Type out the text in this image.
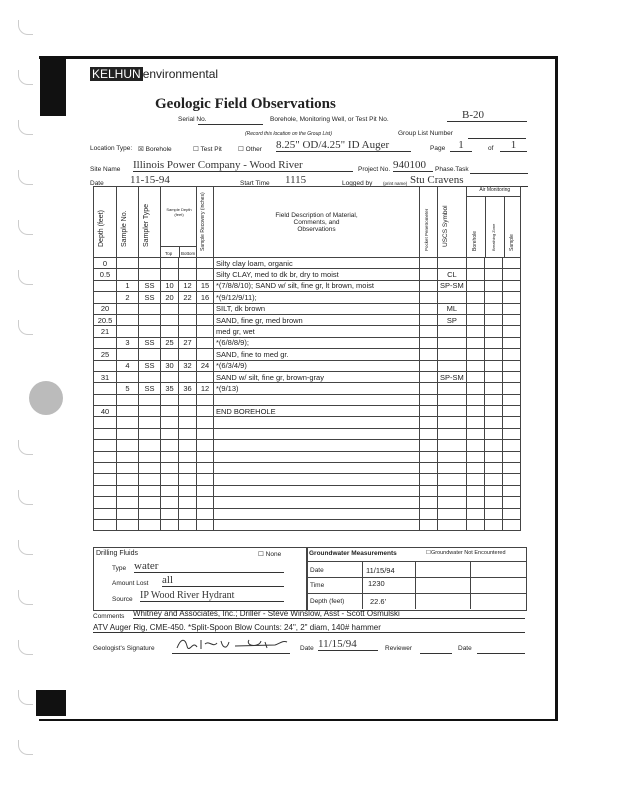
KELHUN environmental
Geologic Field Observations
Serial No.	Borehole, Monitoring Well, or Test Pit No.	B-20
(Record this location on the Group List)	Group List Number
Location Type: ☒ Borehole	☐ Test Pit ☐ Other 8.25" OD/4.25" ID Auger	Page	1	of	1
Site Name Illinois Power Company - Wood River	Project No. 940100	Phase.Task
Date	11-15-94	Start Time	1115	Logged by (print name) Stu Cravens
Depth (feet)	Sample No.	Sampler Type	Sample Depth (feet)
Top Bottom		Sample Recovery (inches)	Field Description of Material, Comments, and Observations	Pocket Penetrometer	USCS Symbol	Air Monitoring
Borehole Breathing Zone Sample		

0						Silty clay loam, organic					
0.5						Silty CLAY, med to dk br, dry to moist		CL			
	1	SS	10	12	15	*(7/8/8/10); SAND w/ silt, fine gr, lt brown, moist		SP-SM			
	2	SS	20	22	16	*(9/12/9/11);					
20						SILT, dk brown		ML			
20.5						SAND, fine gr, med brown		SP			
21						med gr, wet					
	3	SS	25	27		*(6/8/8/9);					
25						SAND, fine to med gr.					
	4	SS	30	32	24	*(6/3/4/9)					
31						SAND w/ silt, fine gr, brown-gray		SP-SM			
	5	SS	35	36	12	*(9/13)					

40						END BOREHOLE					

Drilling Fluids	☐ None
Type water
Amount Lost all
Source IP Wood River Hydrant
Groundwater Measurements	☐Groundwater Not Encountered
Date	11/15/94
Time	1230
Depth (feet)	22.6'
Comments Whitney and Associates, Inc.; Driller - Steve Winslow, Asst - Scott Osmulski
ATV Auger Rig, CME-450. *Split-Spoon Blow Counts: 24", 2" diam, 140# hammer
Geologist's Signature	Date 11/15/94	Reviewer	Date
